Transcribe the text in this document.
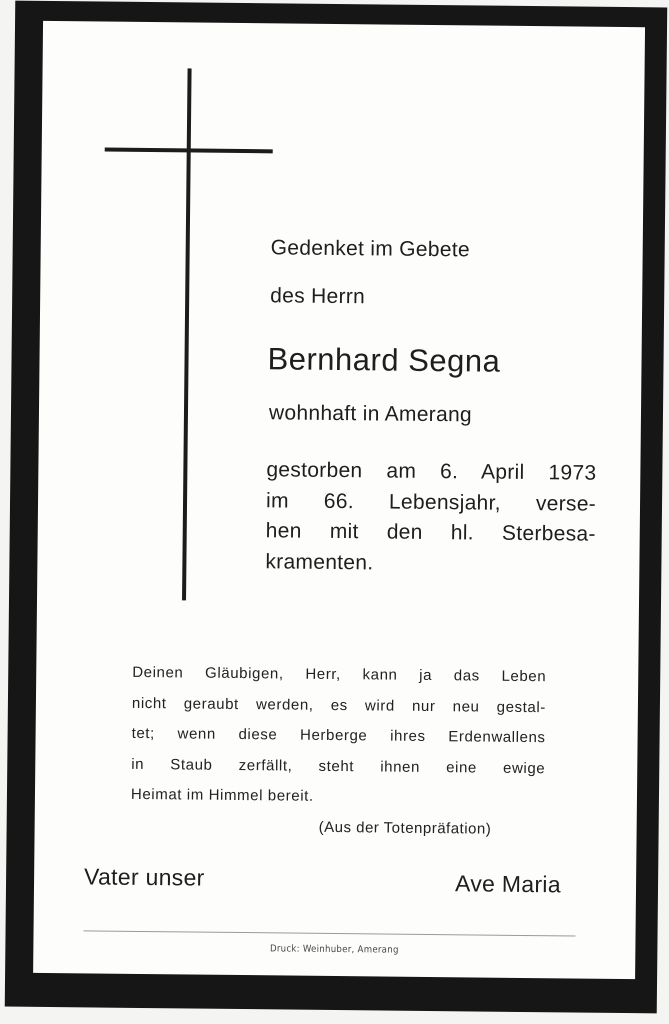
Gedenket im Gebete
des Herrn
Bernhard Segna
wohnhaft in Amerang
gestorben am 6. April 1973
im 66. Lebensjahr, verse-
hen mit den hl. Sterbesa-
kramenten.
Deinen Gläubigen, Herr, kann ja das Leben
nicht geraubt werden, es wird nur neu gestal-
tet; wenn diese Herberge ihres Erdenwallens
in Staub zerfällt, steht ihnen eine ewige
Heimat im Himmel bereit.
(Aus der Totenpräfation)
Vater unser	Ave Maria
Druck: Weinhuber, Amerang
